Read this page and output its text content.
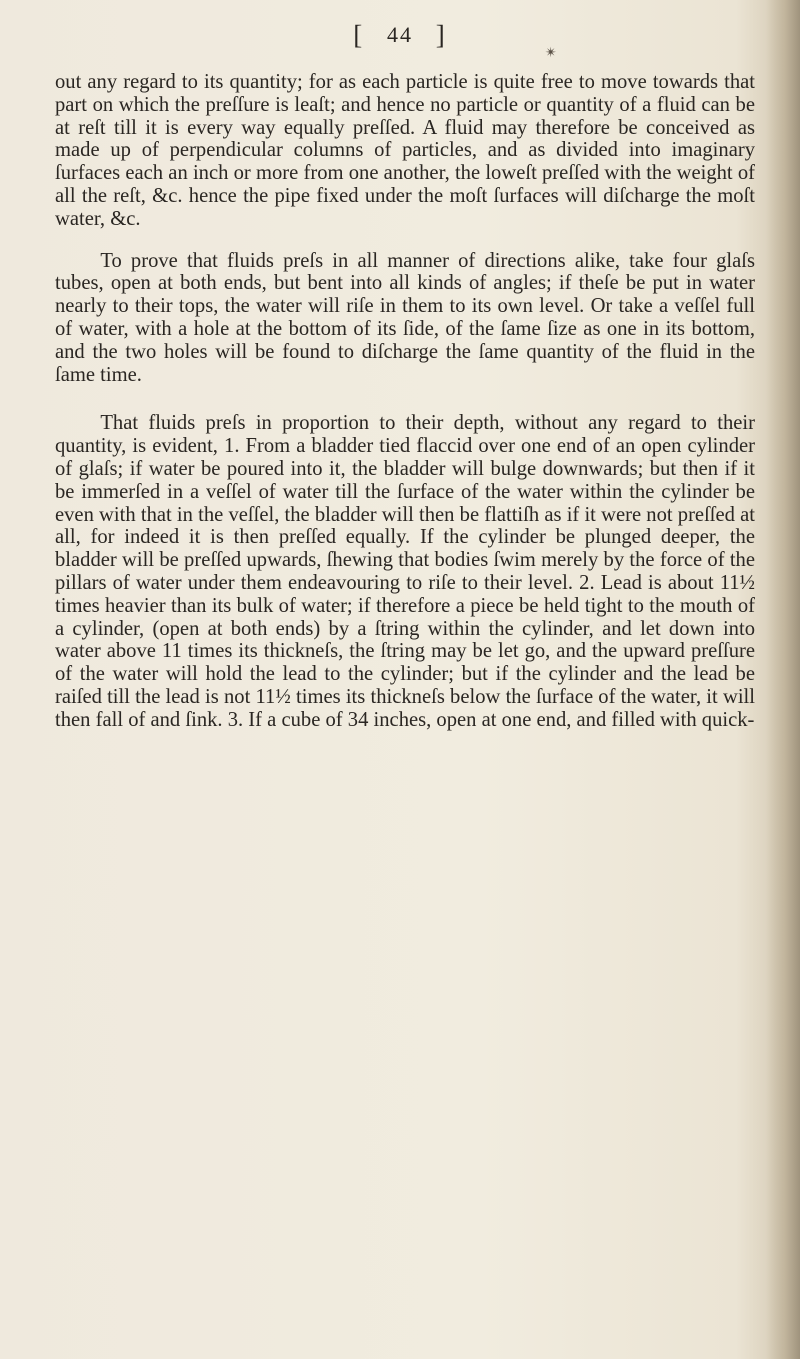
[ 44 ]
✴

out any regard to its quantity; for as each particle is quite free to move towards that part on which the preſſure is leaſt; and hence no particle or quantity of a fluid can be at reſt till it is every way equally preſſed. A fluid may therefore be conceived as made up of perpendicular columns of particles, and as divided into imaginary ſurfaces each an inch or more from one another, the loweſt preſſed with the weight of all the reſt, &c. hence the pipe fixed under the moſt ſurfaces will diſcharge the moſt water, &c.

To prove that fluids preſs in all manner of directions alike, take four glaſs tubes, open at both ends, but bent into all kinds of angles; if theſe be put in water nearly to their tops, the water will riſe in them to its own level. Or take a veſſel full of water, with a hole at the bottom of its ſide, of the ſame ſize as one in its bottom, and the two holes will be found to diſcharge the ſame quantity of the fluid in the ſame time.

That fluids preſs in proportion to their depth, without any regard to their quantity, is evident, 1. From a bladder tied flaccid over one end of an open cylinder of glaſs; if water be poured into it, the bladder will bulge downwards; but then if it be immerſed in a veſſel of water till the ſurface of the water within the cylinder be even with that in the veſſel, the bladder will then be flattiſh as if it were not preſſed at all, for indeed it is then preſſed equally. If the cylinder be plunged deeper, the bladder will be preſſed upwards, ſhewing that bodies ſwim merely by the force of the pillars of water under them endeavouring to riſe to their level. 2. Lead is about 11½ times heavier than its bulk of water; if therefore a piece be held tight to the mouth of a cylinder, (open at both ends) by a ſtring within the cylinder, and let down into water above 11 times its thickneſs, the ſtring may be let go, and the upward preſſure of the water will hold the lead to the cylinder; but if the cylinder and the lead be raiſed till the lead is not 11½ times its thickneſs below the ſurface of the water, it will then fall of and ſink. 3. If a cube of 34 inches, open at one end, and filled with quick-
